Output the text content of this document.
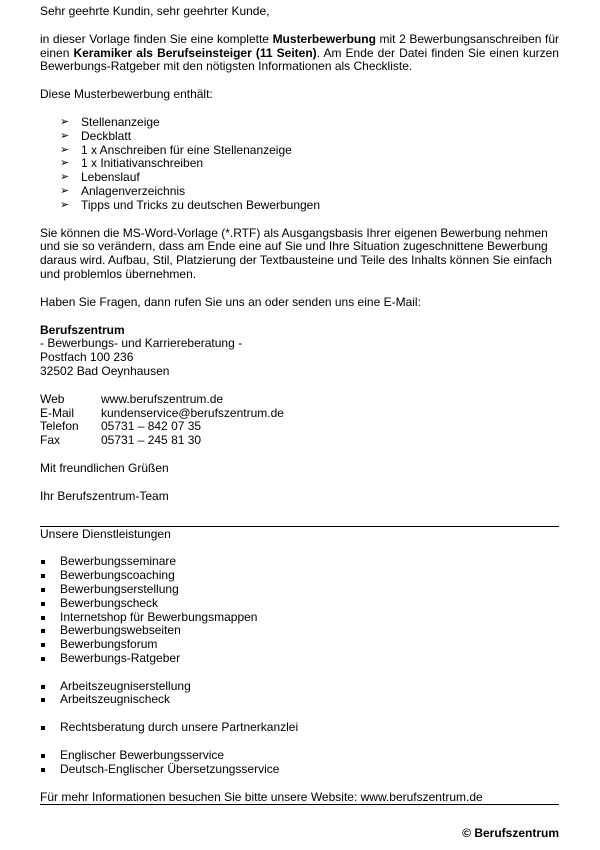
Sehr geehrte Kundin, sehr geehrter Kunde,

in dieser Vorlage finden Sie eine komplette Musterbewerbung mit 2 Bewerbungsanschreiben für einen Keramiker als Berufseinsteiger (11 Seiten). Am Ende der Datei finden Sie einen kurzen Bewerbungs-Ratgeber mit den nötigsten Informationen als Checkliste.

Diese Musterbewerbung enthält:

➢ Stellenanzeige
➢ Deckblatt
➢ 1 x Anschreiben für eine Stellenanzeige
➢ 1 x Initiativanschreiben
➢ Lebenslauf
➢ Anlagenverzeichnis
➢ Tipps und Tricks zu deutschen Bewerbungen

Sie können die MS-Word-Vorlage (*.RTF) als Ausgangsbasis Ihrer eigenen Bewerbung nehmen und sie so verändern, dass am Ende eine auf Sie und Ihre Situation zugeschnittene Bewerbung daraus wird. Aufbau, Stil, Platzierung der Textbausteine und Teile des Inhalts können Sie einfach und problemlos übernehmen.

Haben Sie Fragen, dann rufen Sie uns an oder senden uns eine E-Mail:

Berufszentrum

- Bewerbungs- und Karriereberatung -

Postfach 100 236

32502 Bad Oeynhausen

Web	www.berufszentrum.de
E-Mail	kundenservice@berufszentrum.de
Telefon	05731 – 842 07 35
Fax	05731 – 245 81 30

Mit freundlichen Grüßen

Ihr Berufszentrum-Team

Unsere Dienstleistungen

Bewerbungsseminare
Bewerbungscoaching
Bewerbungserstellung
Bewerbungscheck
Internetshop für Bewerbungsmappen
Bewerbungswebseiten
Bewerbungsforum
Bewerbungs-Ratgeber
Arbeitszeugniserstellung
Arbeitszeugnischeck
Rechtsberatung durch unsere Partnerkanzlei
Englischer Bewerbungsservice
Deutsch-Englischer Übersetzungsservice

Für mehr Informationen besuchen Sie bitte unsere Website: www.berufszentrum.de

© Berufszentrum
